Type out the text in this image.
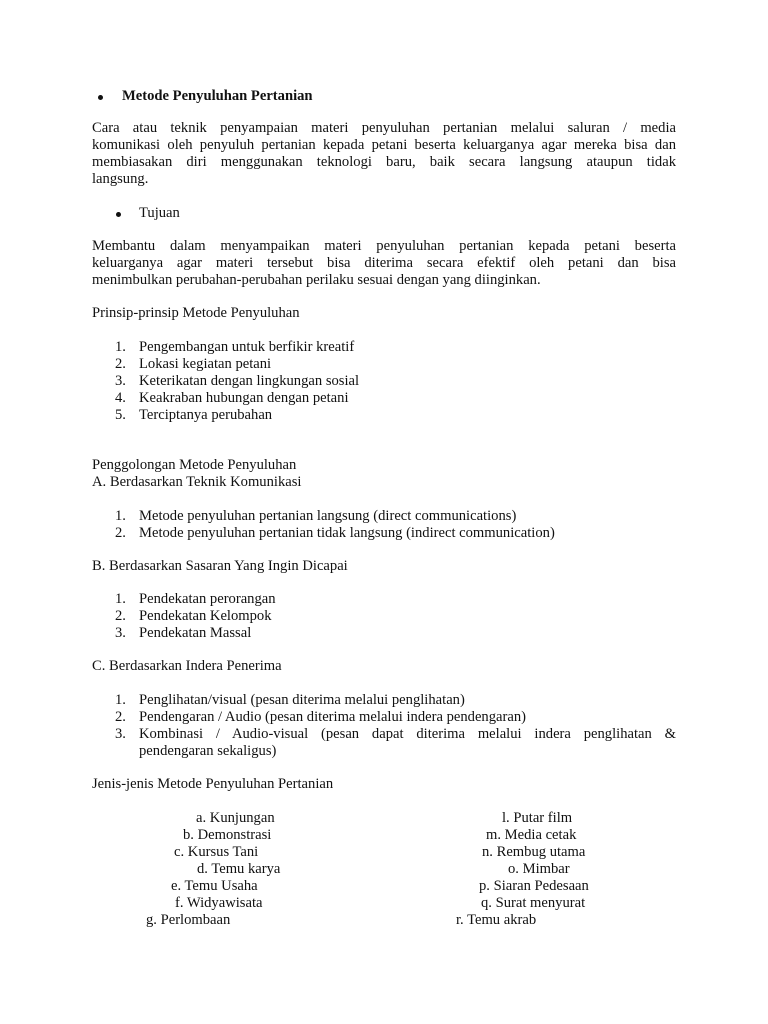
Metode Penyuluhan Pertanian
Cara atau teknik penyampaian materi penyuluhan pertanian melalui saluran / media
komunikasi oleh penyuluh pertanian kepada petani beserta keluarganya agar mereka bisa dan
membiasakan diri menggunakan teknologi baru, baik secara langsung ataupun tidak
langsung.
Tujuan
Membantu dalam menyampaikan materi penyuluhan pertanian kepada petani beserta
keluarganya agar materi tersebut bisa diterima secara efektif oleh petani dan bisa
menimbulkan perubahan-perubahan perilaku sesuai dengan yang diinginkan.
Prinsip-prinsip Metode Penyuluhan
1. Pengembangan untuk berfikir kreatif
2. Lokasi kegiatan petani
3. Keterikatan dengan lingkungan sosial
4. Keakraban hubungan dengan petani
5. Terciptanya perubahan
Penggolongan Metode Penyuluhan
A. Berdasarkan Teknik Komunikasi
1. Metode penyuluhan pertanian langsung (direct communications)
2. Metode penyuluhan pertanian tidak langsung (indirect communication)
B. Berdasarkan Sasaran Yang Ingin Dicapai
1. Pendekatan perorangan
2. Pendekatan Kelompok
3. Pendekatan Massal
C. Berdasarkan Indera Penerima
1. Penglihatan/visual (pesan diterima melalui penglihatan)
2. Pendengaran / Audio (pesan diterima melalui indera pendengaran)
3. Kombinasi / Audio-visual (pesan dapat diterima melalui indera penglihatan &
pendengaran sekaligus)
Jenis-jenis Metode Penyuluhan Pertanian
a. Kunjungan
b. Demonstrasi
c. Kursus Tani
d. Temu karya
e. Temu Usaha
f. Widyawisata
g. Perlombaan
l. Putar film
m. Media cetak
n. Rembug utama
o. Mimbar
p. Siaran Pedesaan
q. Surat menyurat
r. Temu akrab
